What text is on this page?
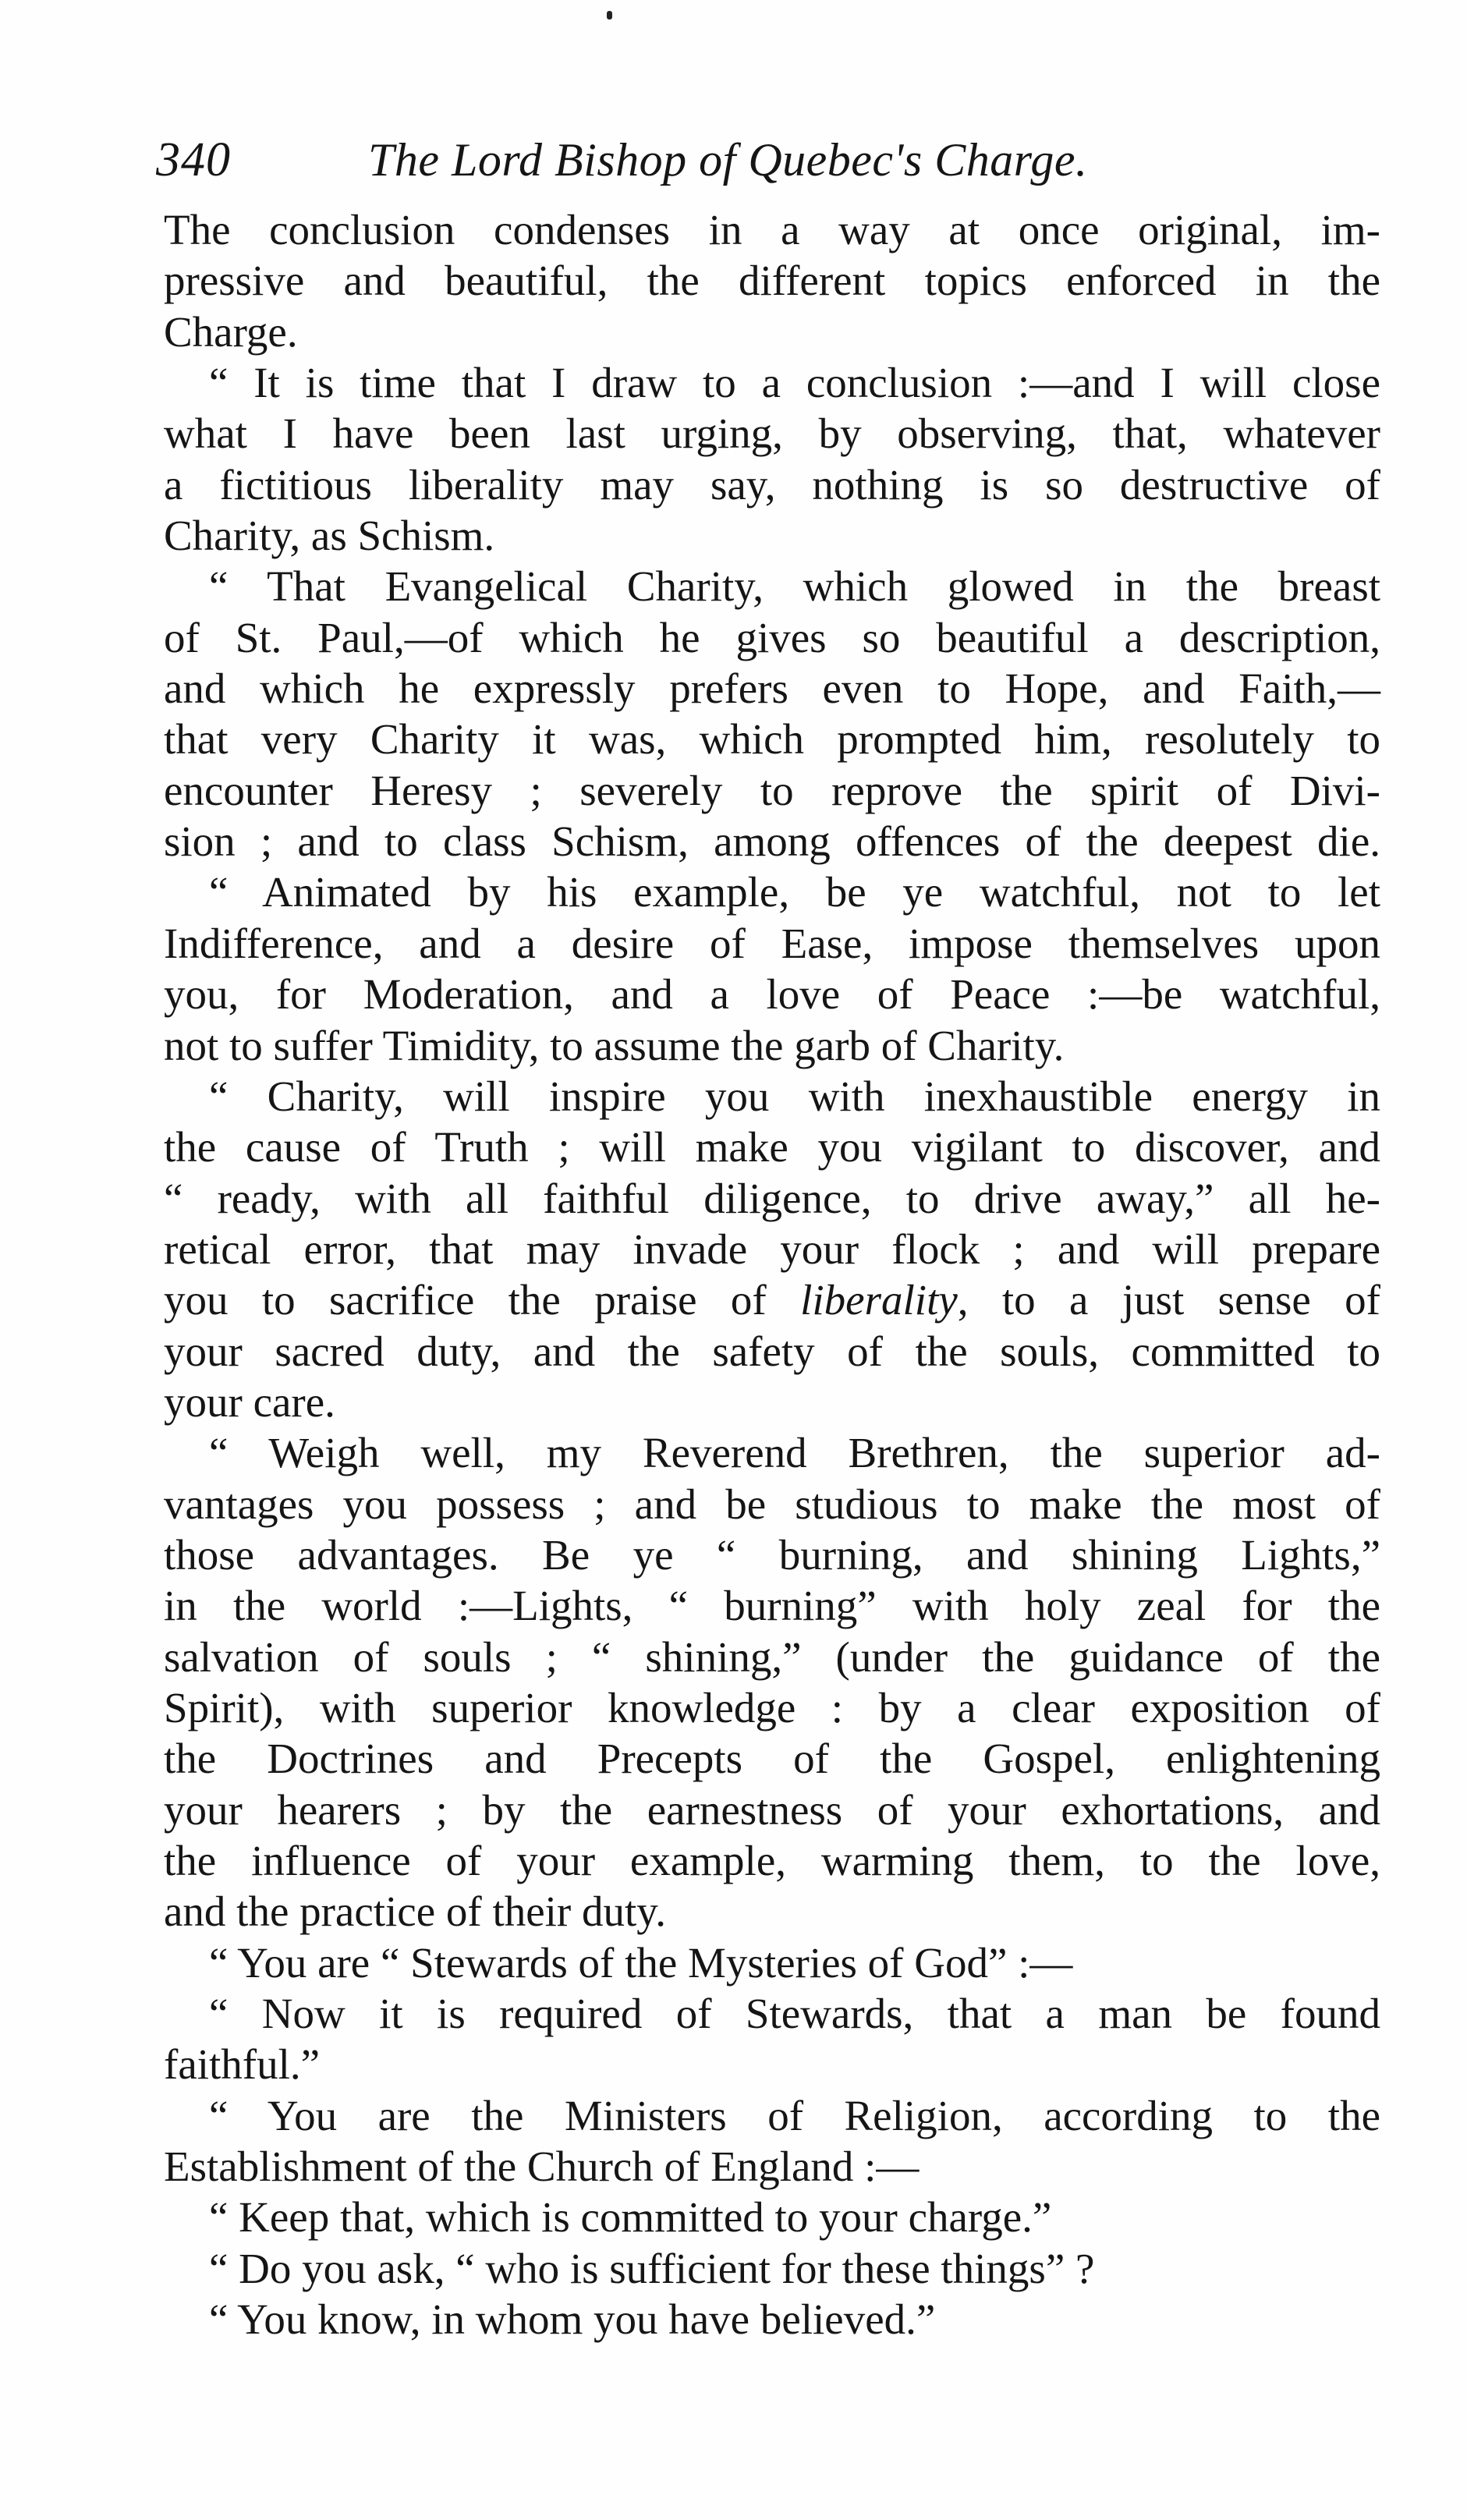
340	The Lord Bishop of Quebec's Charge.
The conclusion condenses in a way at once original, im-
pressive and beautiful, the different topics enforced in the
Charge.
“ It is time that I draw to a conclusion :—and I will close
what I have been last urging, by observing, that, whatever
a fictitious liberality may say, nothing is so destructive of
Charity, as Schism.
“ That Evangelical Charity, which glowed in the breast
of St. Paul,—of which he gives so beautiful a description,
and which he expressly prefers even to Hope, and Faith,—
that very Charity it was, which prompted him, resolutely to
encounter Heresy ; severely to reprove the spirit of Divi-
sion ; and to class Schism, among offences of the deepest die.
“ Animated by his example, be ye watchful, not to let
Indifference, and a desire of Ease, impose themselves upon
you, for Moderation, and a love of Peace :—be watchful,
not to suffer Timidity, to assume the garb of Charity.
“ Charity, will inspire you with inexhaustible energy in
the cause of Truth ; will make you vigilant to discover, and
“ ready, with all faithful diligence, to drive away,” all he-
retical error, that may invade your flock ; and will prepare
you to sacrifice the praise of liberality, to a just sense of
your sacred duty, and the safety of the souls, committed to
your care.
“ Weigh well, my Reverend Brethren, the superior ad-
vantages you possess ; and be studious to make the most of
those advantages. Be ye “ burning, and shining Lights,”
in the world :—Lights, “ burning” with holy zeal for the
salvation of souls ; “ shining,” (under the guidance of the
Spirit), with superior knowledge : by a clear exposition of
the Doctrines and Precepts of the Gospel, enlightening
your hearers ; by the earnestness of your exhortations, and
the influence of your example, warming them, to the love,
and the practice of their duty.
“ You are “ Stewards of the Mysteries of God” :—
“ Now it is required of Stewards, that a man be found
faithful.”
“ You are the Ministers of Religion, according to the
Establishment of the Church of England :—
“ Keep that, which is committed to your charge.”
“ Do you ask, “ who is sufficient for these things” ?
“ You know, in whom you have believed.”
